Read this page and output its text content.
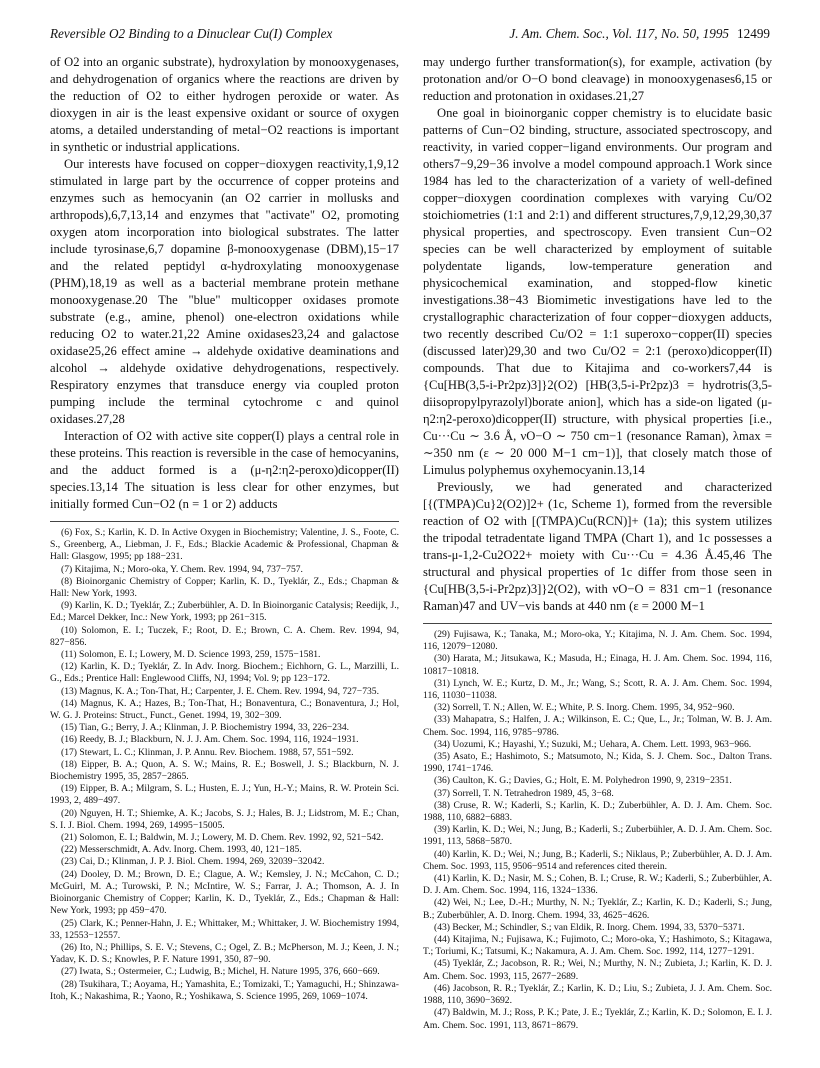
Reversible O2 Binding to a Dinuclear Cu(I) Complex	J. Am. Chem. Soc., Vol. 117, No. 50, 1995 12499

of O2 into an organic substrate), hydroxylation by monooxygenases, and dehydrogenation of organics where the reactions are driven by the reduction of O2 to either hydrogen peroxide or water. As dioxygen in air is the least expensive oxidant or source of oxygen atoms, a detailed understanding of metal−O2 reactions is important in synthetic or industrial applications.

Our interests have focused on copper−dioxygen reactivity,1,9,12 stimulated in large part by the occurrence of copper proteins and enzymes such as hemocyanin (an O2 carrier in mollusks and arthropods),6,7,13,14 and enzymes that "activate" O2, promoting oxygen atom incorporation into biological substrates. The latter include tyrosinase,6,7 dopamine β-monooxygenase (DBM),15−17 and the related peptidyl α-hydroxylating monooxygenase (PHM),18,19 as well as a bacterial membrane protein methane monooxygenase.20 The "blue" multicopper oxidases promote substrate (e.g., amine, phenol) one-electron oxidations while reducing O2 to water.21,22 Amine oxidases23,24 and galactose oxidase25,26 effect amine → aldehyde oxidative deaminations and alcohol → aldehyde oxidative dehydrogenations, respectively. Respiratory enzymes that transduce energy via coupled proton pumping include the terminal cytochrome c and quinol oxidases.27,28

Interaction of O2 with active site copper(I) plays a central role in these proteins. This reaction is reversible in the case of hemocyanins, and the adduct formed is a (μ-η2:η2-peroxo)dicopper(II) species.13,14 The situation is less clear for other enzymes, but initially formed Cun−O2 (n = 1 or 2) adducts

(6) Fox, S.; Karlin, K. D. In Active Oxygen in Biochemistry; Valentine, J. S., Foote, C. S., Greenberg, A., Liebman, J. F., Eds.; Blackie Academic & Professional, Chapman & Hall: Glasgow, 1995; pp 188−231.

(7) Kitajima, N.; Moro-oka, Y. Chem. Rev. 1994, 94, 737−757.

(8) Bioinorganic Chemistry of Copper; Karlin, K. D., Tyeklár, Z., Eds.; Chapman & Hall: New York, 1993.

(9) Karlin, K. D.; Tyeklár, Z.; Zuberbühler, A. D. In Bioinorganic Catalysis; Reedijk, J., Ed.; Marcel Dekker, Inc.: New York, 1993; pp 261−315.

(10) Solomon, E. I.; Tuczek, F.; Root, D. E.; Brown, C. A. Chem. Rev. 1994, 94, 827−856.

(11) Solomon, E. I.; Lowery, M. D. Science 1993, 259, 1575−1581.

(12) Karlin, K. D.; Tyeklár, Z. In Adv. Inorg. Biochem.; Eichhorn, G. L., Marzilli, L. G., Eds.; Prentice Hall: Englewood Cliffs, NJ, 1994; Vol. 9; pp 123−172.

(13) Magnus, K. A.; Ton-That, H.; Carpenter, J. E. Chem. Rev. 1994, 94, 727−735.

(14) Magnus, K. A.; Hazes, B.; Ton-That, H.; Bonaventura, C.; Bonaventura, J.; Hol, W. G. J. Proteins: Struct., Funct., Genet. 1994, 19, 302−309.

(15) Tian, G.; Berry, J. A.; Klinman, J. P. Biochemistry 1994, 33, 226−234.

(16) Reedy, B. J.; Blackburn, N. J. J. Am. Chem. Soc. 1994, 116, 1924−1931.

(17) Stewart, L. C.; Klinman, J. P. Annu. Rev. Biochem. 1988, 57, 551−592.

(18) Eipper, B. A.; Quon, A. S. W.; Mains, R. E.; Boswell, J. S.; Blackburn, N. J. Biochemistry 1995, 35, 2857−2865.

(19) Eipper, B. A.; Milgram, S. L.; Husten, E. J.; Yun, H.-Y.; Mains, R. W. Protein Sci. 1993, 2, 489−497.

(20) Nguyen, H. T.; Shiemke, A. K.; Jacobs, S. J.; Hales, B. J.; Lidstrom, M. E.; Chan, S. I. J. Biol. Chem. 1994, 269, 14995−15005.

(21) Solomon, E. I.; Baldwin, M. J.; Lowery, M. D. Chem. Rev. 1992, 92, 521−542.

(22) Messerschmidt, A. Adv. Inorg. Chem. 1993, 40, 121−185.

(23) Cai, D.; Klinman, J. P. J. Biol. Chem. 1994, 269, 32039−32042.

(24) Dooley, D. M.; Brown, D. E.; Clague, A. W.; Kemsley, J. N.; McCahon, C. D.; McGuirl, M. A.; Turowski, P. N.; McIntire, W. S.; Farrar, J. A.; Thomson, A. J. In Bioinorganic Chemistry of Copper; Karlin, K. D., Tyeklár, Z., Eds.; Chapman & Hall: New York, 1993; pp 459−470.

(25) Clark, K.; Penner-Hahn, J. E.; Whittaker, M.; Whittaker, J. W. Biochemistry 1994, 33, 12553−12557.

(26) Ito, N.; Phillips, S. E. V.; Stevens, C.; Ogel, Z. B.; McPherson, M. J.; Keen, J. N.; Yadav, K. D. S.; Knowles, P. F. Nature 1991, 350, 87−90.

(27) Iwata, S.; Ostermeier, C.; Ludwig, B.; Michel, H. Nature 1995, 376, 660−669.

(28) Tsukihara, T.; Aoyama, H.; Yamashita, E.; Tomizaki, T.; Yamaguchi, H.; Shinzawa-Itoh, K.; Nakashima, R.; Yaono, R.; Yoshikawa, S. Science 1995, 269, 1069−1074.

may undergo further transformation(s), for example, activation (by protonation and/or O−O bond cleavage) in monooxygenases6,15 or reduction and protonation in oxidases.21,27

One goal in bioinorganic copper chemistry is to elucidate basic patterns of Cun−O2 binding, structure, associated spectroscopy, and reactivity, in varied copper−ligand environments. Our program and others7−9,29−36 involve a model compound approach.1 Work since 1984 has led to the characterization of a variety of well-defined copper−dioxygen coordination complexes with varying Cu/O2 stoichiometries (1:1 and 2:1) and different structures,7,9,12,29,30,37 physical properties, and spectroscopy. Even transient Cun−O2 species can be well characterized by employment of suitable polydentate ligands, low-temperature generation and physicochemical examination, and stopped-flow kinetic investigations.38−43 Biomimetic investigations have led to the crystallographic characterization of four copper−dioxygen adducts, two recently described Cu/O2 = 1:1 superoxo−copper(II) species (discussed later)29,30 and two Cu/O2 = 2:1 (peroxo)dicopper(II) compounds. That due to Kitajima and co-workers7,44 is {Cu[HB(3,5-i-Pr2pz)3]}2(O2) [HB(3,5-i-Pr2pz)3 = hydrotris(3,5-diisopropylpyrazolyl)borate anion], which has a side-on ligated (μ-η2:η2-peroxo)dicopper(II) structure, with physical properties [i.e., Cu···Cu ∼ 3.6 Å, νO−O ∼ 750 cm−1 (resonance Raman), λmax = ∼350 nm (ε ∼ 20 000 M−1 cm−1)], that closely match those of Limulus polyphemus oxyhemocyanin.13,14

Previously, we had generated and characterized [{(TMPA)Cu}2(O2)]2+ (1c, Scheme 1), formed from the reversible reaction of O2 with [(TMPA)Cu(RCN)]+ (1a); this system utilizes the tripodal tetradentate ligand TMPA (Chart 1), and 1c possesses a trans-μ-1,2-Cu2O22+ moiety with Cu···Cu = 4.36 Å.45,46 The structural and physical properties of 1c differ from those seen in {Cu[HB(3,5-i-Pr2pz)3]}2(O2), with νO−O = 831 cm−1 (resonance Raman)47 and UV−vis bands at 440 nm (ε = 2000 M−1

(29) Fujisawa, K.; Tanaka, M.; Moro-oka, Y.; Kitajima, N. J. Am. Chem. Soc. 1994, 116, 12079−12080.

(30) Harata, M.; Jitsukawa, K.; Masuda, H.; Einaga, H. J. Am. Chem. Soc. 1994, 116, 10817−10818.

(31) Lynch, W. E.; Kurtz, D. M., Jr.; Wang, S.; Scott, R. A. J. Am. Chem. Soc. 1994, 116, 11030−11038.

(32) Sorrell, T. N.; Allen, W. E.; White, P. S. Inorg. Chem. 1995, 34, 952−960.

(33) Mahapatra, S.; Halfen, J. A.; Wilkinson, E. C.; Que, L., Jr.; Tolman, W. B. J. Am. Chem. Soc. 1994, 116, 9785−9786.

(34) Uozumi, K.; Hayashi, Y.; Suzuki, M.; Uehara, A. Chem. Lett. 1993, 963−966.

(35) Asato, E.; Hashimoto, S.; Matsumoto, N.; Kida, S. J. Chem. Soc., Dalton Trans. 1990, 1741−1746.

(36) Caulton, K. G.; Davies, G.; Holt, E. M. Polyhedron 1990, 9, 2319−2351.

(37) Sorrell, T. N. Tetrahedron 1989, 45, 3−68.

(38) Cruse, R. W.; Kaderli, S.; Karlin, K. D.; Zuberbühler, A. D. J. Am. Chem. Soc. 1988, 110, 6882−6883.

(39) Karlin, K. D.; Wei, N.; Jung, B.; Kaderli, S.; Zuberbühler, A. D. J. Am. Chem. Soc. 1991, 113, 5868−5870.

(40) Karlin, K. D.; Wei, N.; Jung, B.; Kaderli, S.; Niklaus, P.; Zuberbühler, A. D. J. Am. Chem. Soc. 1993, 115, 9506−9514 and references cited therein.

(41) Karlin, K. D.; Nasir, M. S.; Cohen, B. I.; Cruse, R. W.; Kaderli, S.; Zuberbühler, A. D. J. Am. Chem. Soc. 1994, 116, 1324−1336.

(42) Wei, N.; Lee, D.-H.; Murthy, N. N.; Tyeklár, Z.; Karlin, K. D.; Kaderli, S.; Jung, B.; Zuberbühler, A. D. Inorg. Chem. 1994, 33, 4625−4626.

(43) Becker, M.; Schindler, S.; van Eldik, R. Inorg. Chem. 1994, 33, 5370−5371.

(44) Kitajima, N.; Fujisawa, K.; Fujimoto, C.; Moro-oka, Y.; Hashimoto, S.; Kitagawa, T.; Toriumi, K.; Tatsumi, K.; Nakamura, A. J. Am. Chem. Soc. 1992, 114, 1277−1291.

(45) Tyeklár, Z.; Jacobson, R. R.; Wei, N.; Murthy, N. N.; Zubieta, J.; Karlin, K. D. J. Am. Chem. Soc. 1993, 115, 2677−2689.

(46) Jacobson, R. R.; Tyeklár, Z.; Karlin, K. D.; Liu, S.; Zubieta, J. J. Am. Chem. Soc. 1988, 110, 3690−3692.

(47) Baldwin, M. J.; Ross, P. K.; Pate, J. E.; Tyeklár, Z.; Karlin, K. D.; Solomon, E. I. J. Am. Chem. Soc. 1991, 113, 8671−8679.
